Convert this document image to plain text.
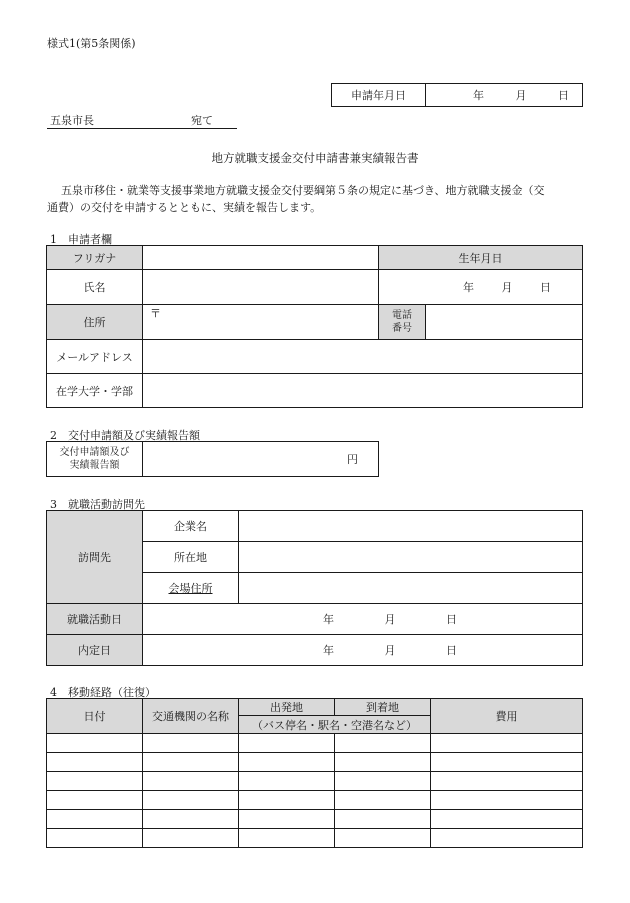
様式1(第5条関係)
申請年月日	年	月	日
五泉市長	宛て
地方就職支援金交付申請書兼実績報告書
五泉市移住・就業等支援事業地方就職支援金交付要綱第５条の規定に基づき、地方就職支援金（交
通費）の交付を申請するとともに、実績を報告します。
1　申請者欄
フリガナ		生年月日	
氏名		年 月 日	
住所	〒	電話
番号	

メールアドレス			
在学大学・学部			
2　交付申請額及び実績報告額
交付申請額及び
実績報告額	円
3　就職活動訪問先
訪問先	企業名	
	所在地	
	会場住所	
就職活動日	年 月 日	
内定日	年 月 日	
4　移動経路（往復）
日付	交通機関の名称	出発地	到着地	費用
		（バス停名・駅名・空港名など）		
